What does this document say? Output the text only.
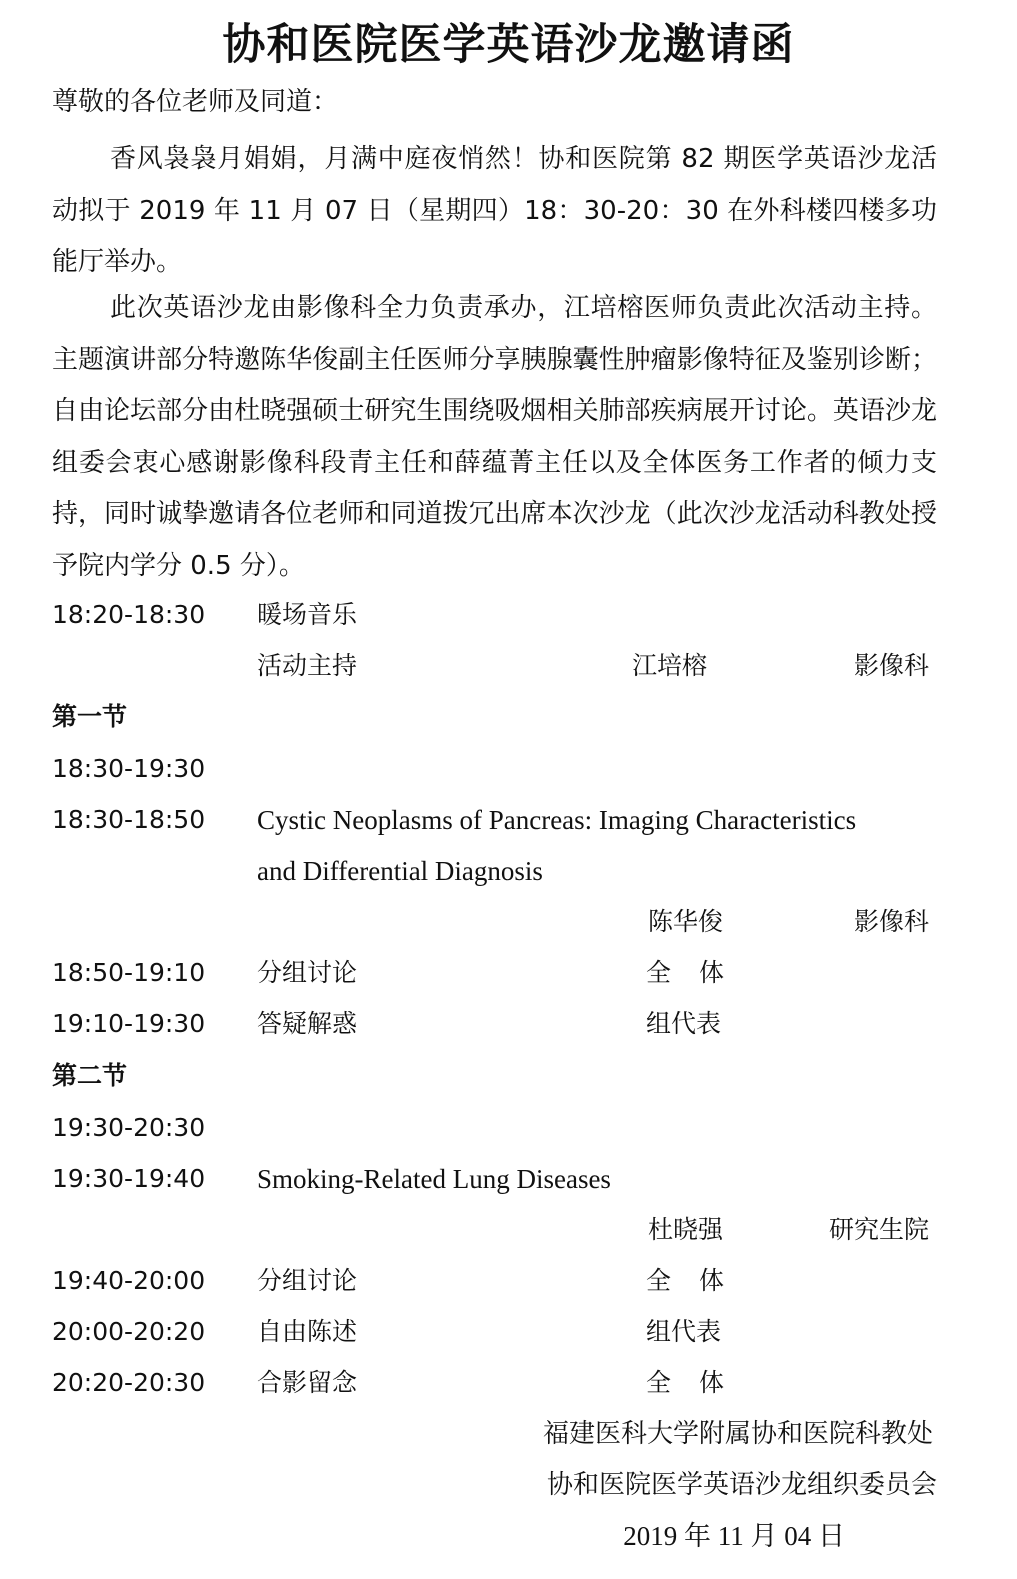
协和医院医学英语沙龙邀请函
尊敬的各位老师及同道：
香风袅袅月娟娟，月满中庭夜悄然！协和医院第 82 期医学英语沙龙活动拟于 2019 年 11 月 07 日（星期四）18：30-20：30 在外科楼四楼多功能厅举办。
此次英语沙龙由影像科全力负责承办，江培榕医师负责此次活动主持。主题演讲部分特邀陈华俊副主任医师分享胰腺囊性肿瘤影像特征及鉴别诊断；自由论坛部分由杜晓强硕士研究生围绕吸烟相关肺部疾病展开讨论。英语沙龙组委会衷心感谢影像科段青主任和薛蕴菁主任以及全体医务工作者的倾力支持，同时诚挚邀请各位老师和同道拨冗出席本次沙龙（此次沙龙活动科教处授予院内学分 0.5 分）。
18:20-18:30 暖场音乐
活动主持	江培榕	影像科
第一节
18:30-19:30
18:30-18:50 Cystic Neoplasms of Pancreas: Imaging Characteristics
and Differential Diagnosis
陈华俊	影像科
18:50-19:10 分组讨论	全体
19:10-19:30 答疑解惑	组代表
第二节
19:30-20:30
19:30-19:40 Smoking-Related Lung Diseases
杜晓强	研究生院
19:40-20:00 分组讨论	全体
20:00-20:20 自由陈述	组代表
20:20-20:30 合影留念	全体
福建医科大学附属协和医院科教处
协和医院医学英语沙龙组织委员会
2019 年 11 月 04 日
